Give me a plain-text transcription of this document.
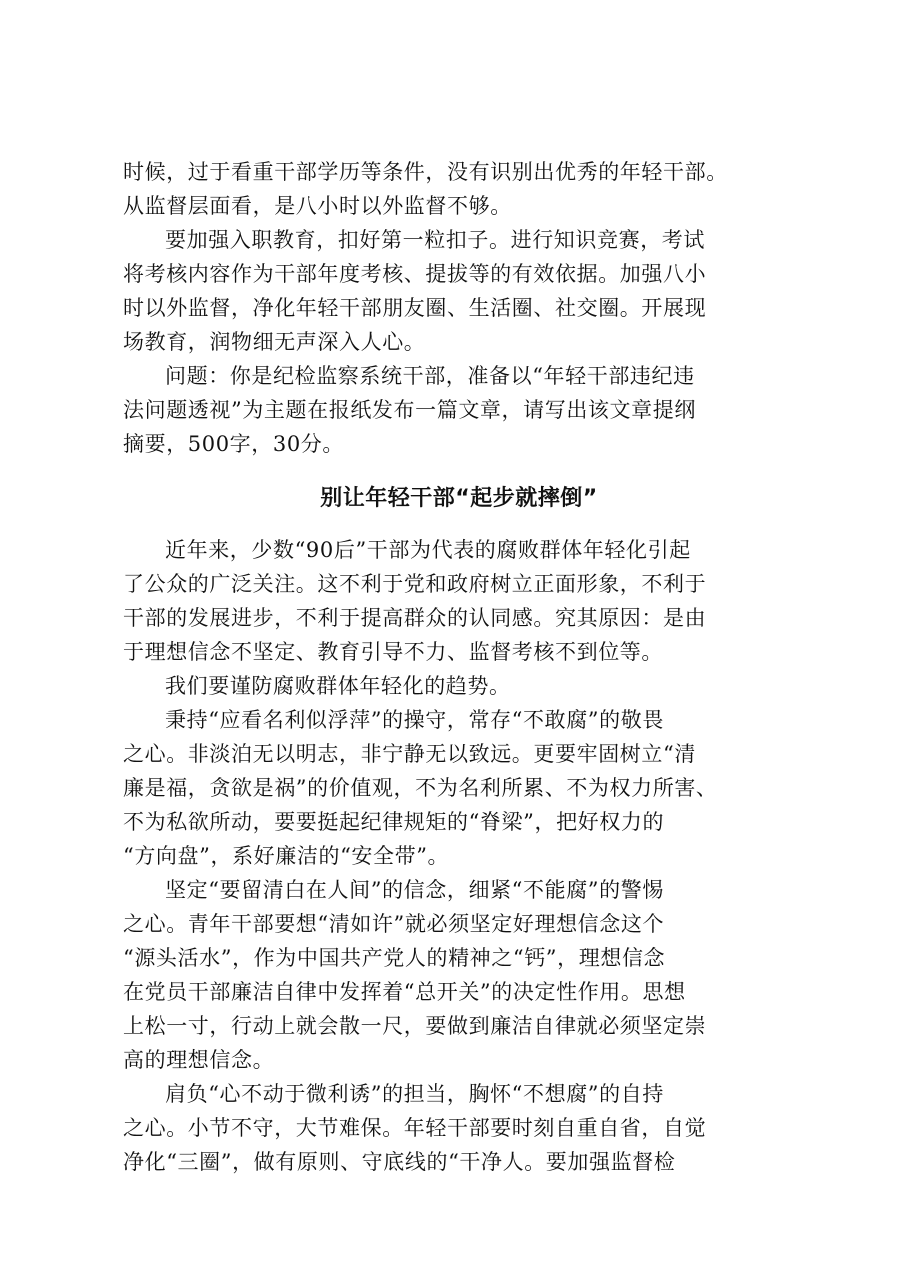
时候，过于看重干部学历等条件，没有识别出优秀的年轻干部。
从监督层面看，是八小时以外监督不够。
要加强入职教育，扣好第一粒扣子。进行知识竞赛，考试
将考核内容作为干部年度考核、提拔等的有效依据。加强八小
时以外监督，净化年轻干部朋友圈、生活圈、社交圈。开展现
场教育，润物细无声深入人心。
问题：你是纪检监察系统干部，准备以“年轻干部违纪违
法问题透视”为主题在报纸发布一篇文章，请写出该文章提纲
摘要，500字，30分。
别让年轻干部“起步就摔倒”
近年来，少数“90后”干部为代表的腐败群体年轻化引起
了公众的广泛关注。这不利于党和政府树立正面形象，不利于
干部的发展进步，不利于提高群众的认同感。究其原因：是由
于理想信念不坚定、教育引导不力、监督考核不到位等。
我们要谨防腐败群体年轻化的趋势。
秉持“应看名利似浮萍”的操守，常存“不敢腐”的敬畏
之心。非淡泊无以明志，非宁静无以致远。更要牢固树立“清
廉是福，贪欲是祸”的价值观，不为名利所累、不为权力所害、
不为私欲所动，要要挺起纪律规矩的“脊梁”，把好权力的
“方向盘”，系好廉洁的“安全带”。
坚定“要留清白在人间”的信念，细紧“不能腐”的警惕
之心。青年干部要想“清如许”就必须坚定好理想信念这个
“源头活水”，作为中国共产党人的精神之“钙”，理想信念
在党员干部廉洁自律中发挥着“总开关”的决定性作用。思想
上松一寸，行动上就会散一尺，要做到廉洁自律就必须坚定崇
高的理想信念。
肩负“心不动于微利诱”的担当，胸怀“不想腐”的自持
之心。小节不守，大节难保。年轻干部要时刻自重自省，自觉
净化“三圈”，做有原则、守底线的“干净人。要加强监督检
